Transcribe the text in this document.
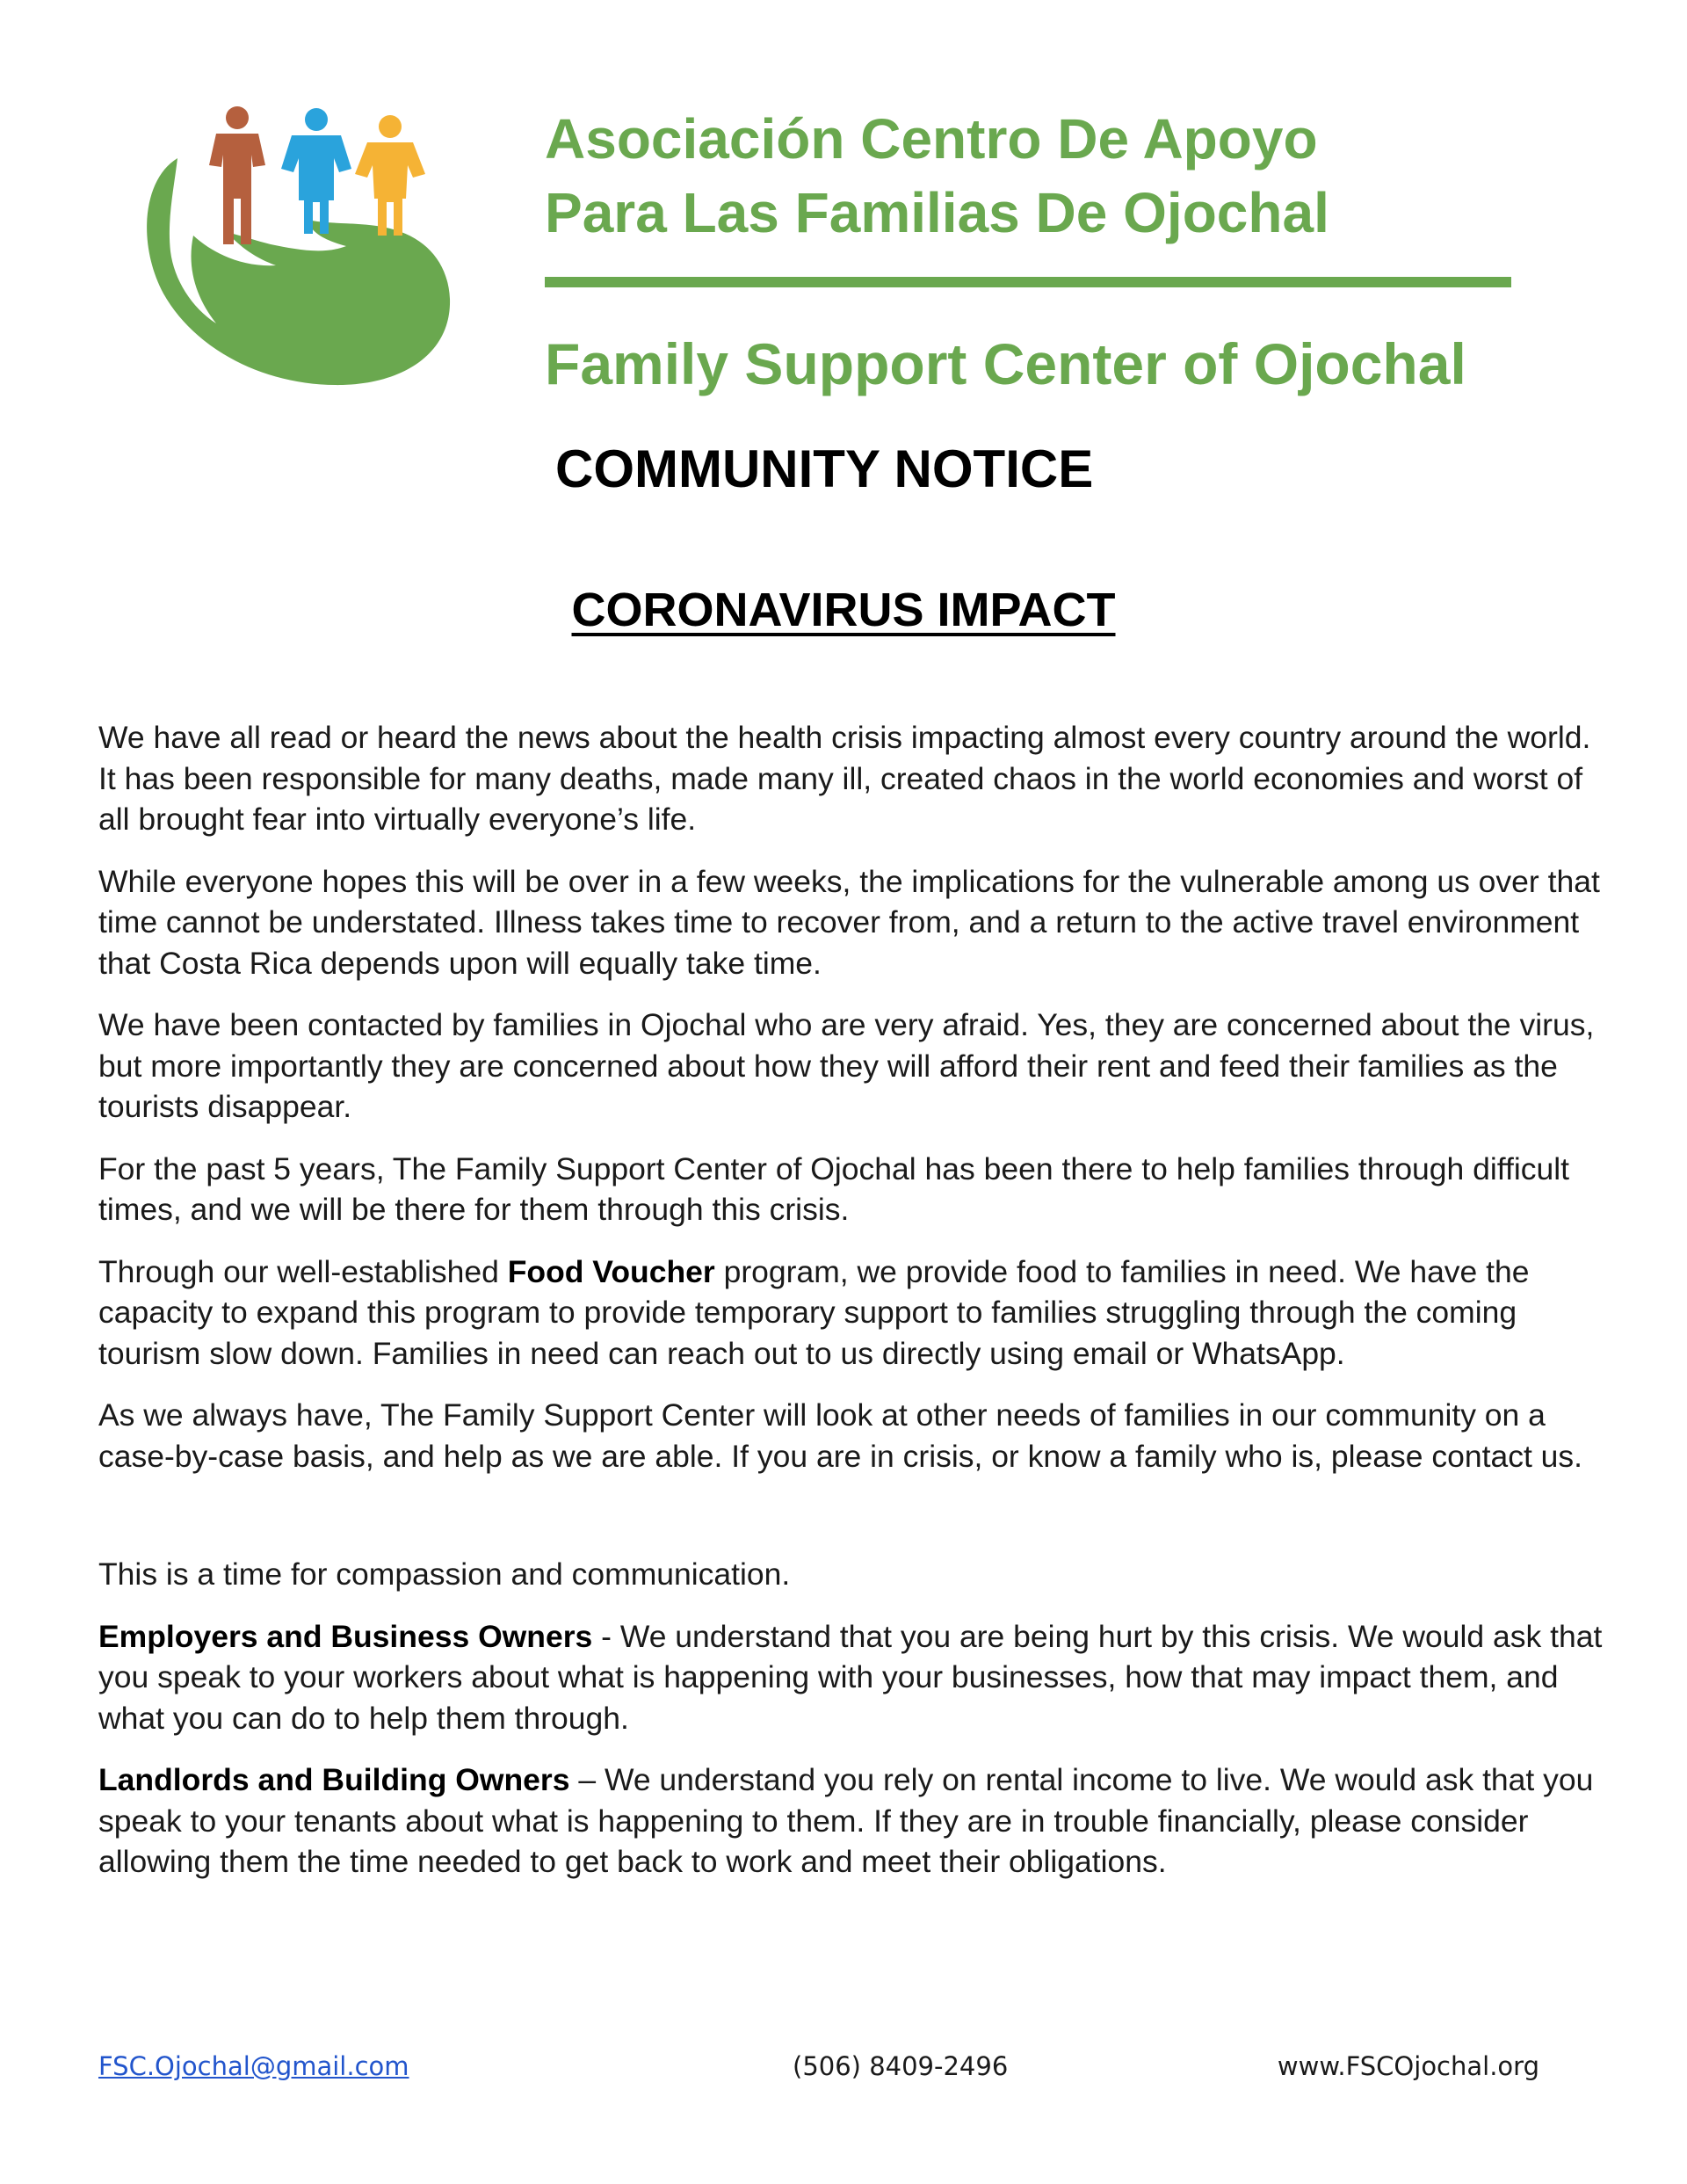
Asociación Centro De Apoyo
Para Las Familias De Ojochal
Family Support Center of Ojochal
COMMUNITY NOTICE
CORONAVIRUS IMPACT

We have all read or heard the news about the health crisis impacting almost every country around the world. It has been responsible for many deaths, made many ill, created chaos in the world economies and worst of all brought fear into virtually everyone’s life.

While everyone hopes this will be over in a few weeks, the implications for the vulnerable among us over that time cannot be understated. Illness takes time to recover from, and a return to the active travel environment that Costa Rica depends upon will equally take time.

We have been contacted by families in Ojochal who are very afraid. Yes, they are concerned about the virus, but more importantly they are concerned about how they will afford their rent and feed their families as the tourists disappear.

For the past 5 years, The Family Support Center of Ojochal has been there to help families through difficult times, and we will be there for them through this crisis.

Through our well-established Food Voucher program, we provide food to families in need. We have the capacity to expand this program to provide temporary support to families struggling through the coming tourism slow down. Families in need can reach out to us directly using email or WhatsApp.

As we always have, The Family Support Center will look at other needs of families in our community on a case-by-case basis, and help as we are able. If you are in crisis, or know a family who is, please contact us.

This is a time for compassion and communication.

Employers and Business Owners - We understand that you are being hurt by this crisis. We would ask that you speak to your workers about what is happening with your businesses, how that may impact them, and what you can do to help them through.

Landlords and Building Owners – We understand you rely on rental income to live. We would ask that you speak to your tenants about what is happening to them. If they are in trouble financially, please consider allowing them the time needed to get back to work and meet their obligations.

FSC.Ojochal@gmail.com	(506) 8409-2496	www.FSCOjochal.org
